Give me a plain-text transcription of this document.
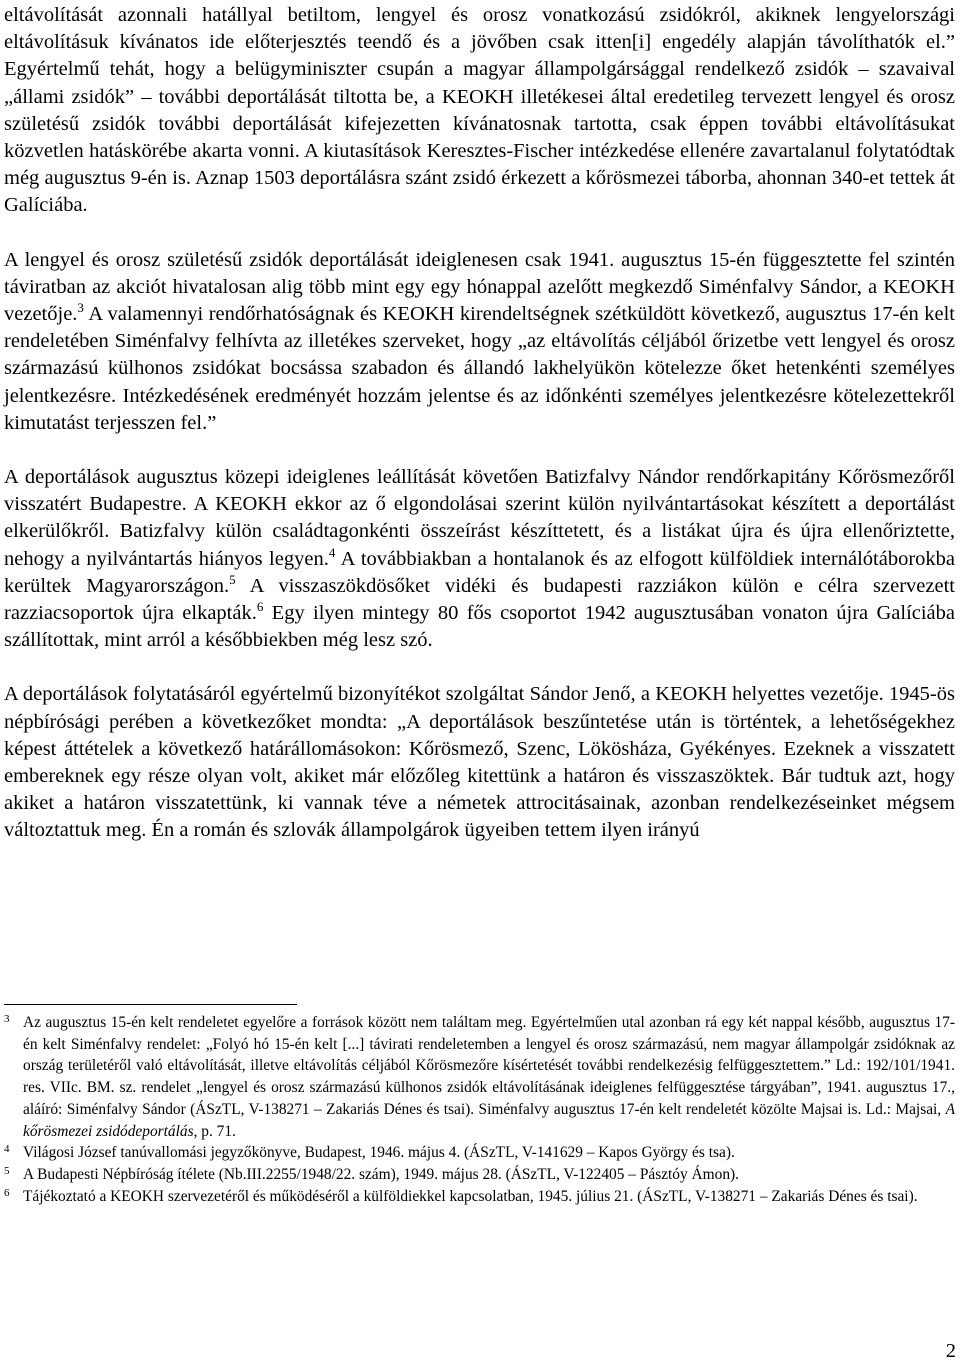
eltávolítását azonnali hatállyal betiltom, lengyel és orosz vonatkozású zsidókról, akiknek lengyelországi eltávolításuk kívánatos ide előterjesztés teendő és a jövőben csak itten[i] engedély alapján távolíthatók el.” Egyértelmű tehát, hogy a belügyminiszter csupán a magyar állampolgársággal rendelkező zsidók – szavaival „állami zsidók” – további deportálását tiltotta be, a KEOKH illetékesei által eredetileg tervezett lengyel és orosz születésű zsidók további deportálását kifejezetten kívánatosnak tartotta, csak éppen további eltávolításukat közvetlen hatáskörébe akarta vonni. A kiutasítások Keresztes-Fischer intézkedése ellenére zavartalanul folytatódtak még augusztus 9-én is. Aznap 1503 deportálásra szánt zsidó érkezett a kőrösmezei táborba, ahonnan 340-et tettek át Galíciába.

A lengyel és orosz születésű zsidók deportálását ideiglenesen csak 1941. augusztus 15-én függesztette fel szintén táviratban az akciót hivatalosan alig több mint egy egy hónappal azelőtt megkezdő Siménfalvy Sándor, a KEOKH vezetője.$^3$ A valamennyi rendőrhatóságnak és KEOKH kirendeltségnek szétküldött következő, augusztus 17-én kelt rendeletében Siménfalvy felhívta az illetékes szerveket, hogy „az eltávolítás céljából őrizetbe vett lengyel és orosz származású külhonos zsidókat bocsássa szabadon és állandó lakhelyükön kötelezze őket hetenkénti személyes jelentkezésre. Intézkedésének eredményét hozzám jelentse és az időnkénti személyes jelentkezésre kötelezettekről kimutatást terjesszen fel.”

A deportálások augusztus közepi ideiglenes leállítását követően Batizfalvy Nándor rendőrkapitány Kőrösmezőről visszatért Budapestre. A KEOKH ekkor az ő elgondolásai szerint külön nyilvántartásokat készített a deportálást elkerülőkről. Batizfalvy külön családtagonkénti összeírást készíttetett, és a listákat újra és újra ellenőriztette, nehogy a nyilvántartás hiányos legyen.$^4$ A továbbiakban a hontalanok és az elfogott külföldiek internálótáborokba kerültek Magyarországon.$^5$ A visszaszökdösőket vidéki és budapesti razziákon külön e célra szervezett razziacsoportok újra elkapták.$^6$ Egy ilyen mintegy 80 fős csoportot 1942 augusztusában vonaton újra Galíciába szállítottak, mint arról a későbbiekben még lesz szó.

A deportálások folytatásáról egyértelmű bizonyítékot szolgáltat Sándor Jenő, a KEOKH helyettes vezetője. 1945-ös népbírósági perében a következőket mondta: „A deportálások beszűntetése után is történtek, a lehetőségekhez képest áttételek a következő határállomásokon: Kőrösmező, Szenc, Lökösháza, Gyékényes. Ezeknek a visszatett embereknek egy része olyan volt, akiket már előzőleg kitettünk a határon és visszaszöktek. Bár tudtuk azt, hogy akiket a határon visszatettünk, ki vannak téve a németek attrocitásainak, azonban rendelkezéseinket mégsem változtattuk meg. Én a román és szlovák állampolgárok ügyeiben tettem ilyen irányú

3 Az augusztus 15-én kelt rendeletet egyelőre a források között nem találtam meg. Egyértelműen utal azonban rá egy két nappal később, augusztus 17-én kelt Siménfalvy rendelet: „Folyó hó 15-én kelt [...] távirati rendeletemben a lengyel és orosz származású, nem magyar állampolgár zsidóknak az ország területéről való eltávolítását, illetve eltávolítás céljából Kőrösmezőre kísértetését további rendelkezésig felfüggesztettem.” Ld.: 192/101/1941. res. VIIc. BM. sz. rendelet „lengyel és orosz származású külhonos zsidók eltávolításának ideiglenes felfüggesztése tárgyában”, 1941. augusztus 17., aláíró: Siménfalvy Sándor (ÁSzTL, V-138271 – Zakariás Dénes és tsai). Siménfalvy augusztus 17-én kelt rendeletét közölte Majsai is. Ld.: Majsai, A kőrösmezei zsidódeportálás, p. 71.

4 Világosi József tanúvallomási jegyzőkönyve, Budapest, 1946. május 4. (ÁSzTL, V-141629 – Kapos György és tsa).

5 A Budapesti Népbíróság ítélete (Nb.III.2255/1948/22. szám), 1949. május 28. (ÁSzTL, V-122405 – Pásztóy Ámon).

6 Tájékoztató a KEOKH szervezetéről és működéséről a külföldiekkel kapcsolatban, 1945. július 21. (ÁSzTL, V-138271 – Zakariás Dénes és tsai).

2
